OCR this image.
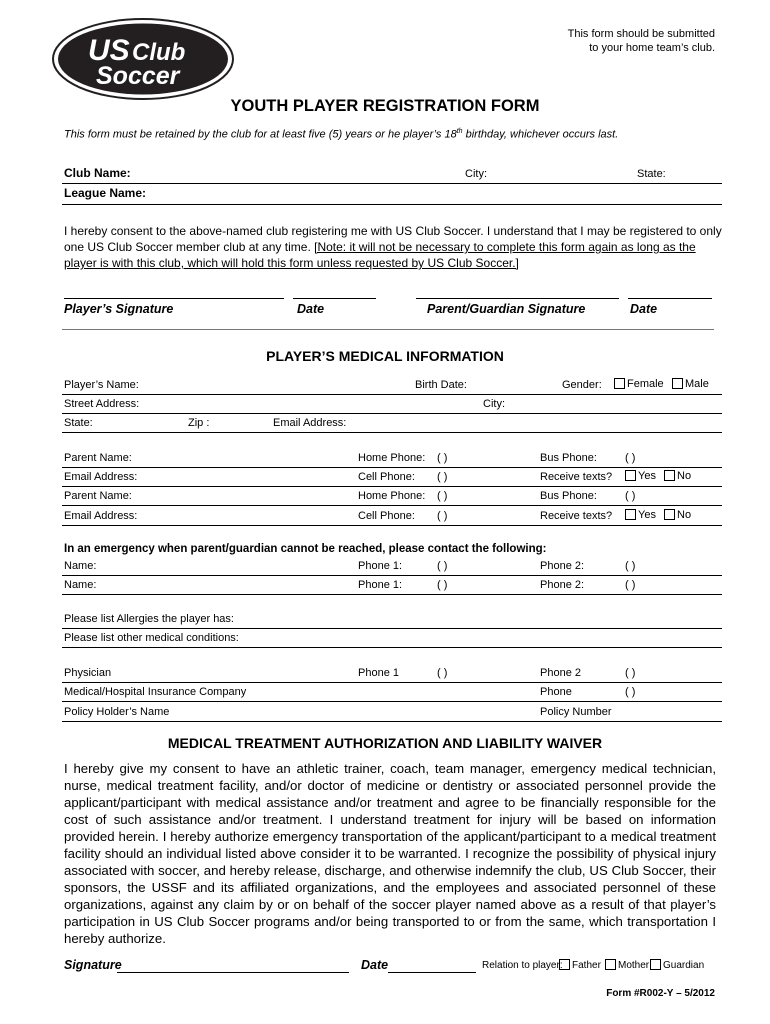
US Club
Soccer
This form should be submitted to your home team’s club.
YOUTH PLAYER REGISTRATION FORM
This form must be retained by the club for at least five (5) years or he player’s 18th birthday, whichever occurs last.
Club Name:	City:	State:
League Name:
I hereby consent to the above-named club registering me with US Club Soccer. I understand that I may be registered to only one US Club Soccer member club at any time. [Note: it will not be necessary to complete this form again as long as the player is with this club, which will hold this form unless requested by US Club Soccer.]
Player’s Signature	Date	Parent/Guardian Signature	Date
PLAYER’S MEDICAL INFORMATION
Player’s Name:	Birth Date:	Gender:	Female	Male
Street Address:	City:
State:	Zip :	Email Address:
Parent Name:	Home Phone: ( )	Bus Phone:	( )
Email Address:	Cell Phone: ( )	Receive texts?	Yes	No
Parent Name:	Home Phone: ( )	Bus Phone:	( )
Email Address:	Cell Phone: ( )	Receive texts?	Yes	No
In an emergency when parent/guardian cannot be reached, please contact the following:
Name:	Phone 1:	( )	Phone 2:	( )
Name:	Phone 1:	( )	Phone 2:	( )
Please list Allergies the player has:
Please list other medical conditions:
Physician	Phone 1	( )	Phone 2	( )
Medical/Hospital Insurance Company	Phone	( )
Policy Holder’s Name	Policy Number
MEDICAL TREATMENT AUTHORIZATION AND LIABILITY WAIVER
I hereby give my consent to have an athletic trainer, coach, team manager, emergency medical technician, nurse, medical treatment facility, and/or doctor of medicine or dentistry or associated personnel provide the applicant/participant with medical assistance and/or treatment and agree to be financially responsible for the cost of such assistance and/or treatment. I understand treatment for injury will be based on information provided herein. I hereby authorize emergency transportation of the applicant/participant to a medical treatment facility should an individual listed above consider it to be warranted. I recognize the possibility of physical injury associated with soccer, and hereby release, discharge, and otherwise indemnify the club, US Club Soccer, their sponsors, the USSF and its affiliated organizations, and the employees and associated personnel of these organizations, against any claim by or on behalf of the soccer player named above as a result of that player’s participation in US Club Soccer programs and/or being transported to or from the same, which transportation I hereby authorize.
Signature	Date	Relation to player: Father	Mother	Guardian
Form #R002-Y – 5/2012
